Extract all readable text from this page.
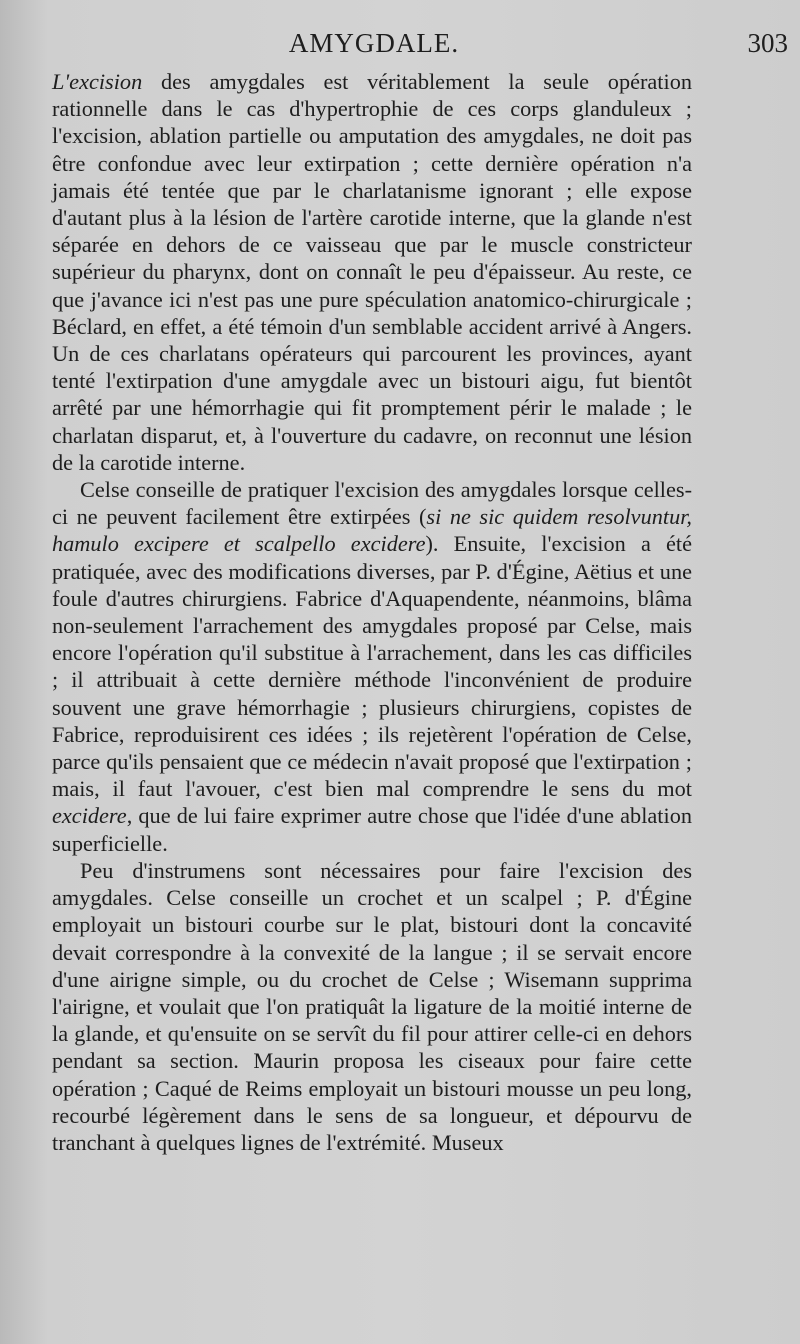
AMYGDALE.	303

L'excision des amygdales est véritablement la seule opération rationnelle dans le cas d'hypertrophie de ces corps glanduleux ; l'excision, ablation partielle ou amputation des amygdales, ne doit pas être confondue avec leur extirpation ; cette dernière opération n'a jamais été tentée que par le charlatanisme ignorant ; elle expose d'autant plus à la lésion de l'artère carotide interne, que la glande n'est séparée en dehors de ce vaisseau que par le muscle constricteur supérieur du pharynx, dont on connaît le peu d'épaisseur. Au reste, ce que j'avance ici n'est pas une pure spéculation anatomico-chirurgicale ; Béclard, en effet, a été témoin d'un semblable accident arrivé à Angers. Un de ces charlatans opérateurs qui parcourent les provinces, ayant tenté l'extirpation d'une amygdale avec un bistouri aigu, fut bientôt arrêté par une hémorrhagie qui fit promptement périr le malade ; le charlatan disparut, et, à l'ouverture du cadavre, on reconnut une lésion de la carotide interne.

Celse conseille de pratiquer l'excision des amygdales lorsque celles-ci ne peuvent facilement être extirpées (si ne sic quidem resolvuntur, hamulo excipere et scalpello excidere). Ensuite, l'excision a été pratiquée, avec des modifications diverses, par P. d'Égine, Aëtius et une foule d'autres chirurgiens. Fabrice d'Aquapendente, néanmoins, blâma non-seulement l'arrachement des amygdales proposé par Celse, mais encore l'opération qu'il substitue à l'arrachement, dans les cas difficiles ; il attribuait à cette dernière méthode l'inconvénient de produire souvent une grave hémorrhagie ; plusieurs chirurgiens, copistes de Fabrice, reproduisirent ces idées ; ils rejetèrent l'opération de Celse, parce qu'ils pensaient que ce médecin n'avait proposé que l'extirpation ; mais, il faut l'avouer, c'est bien mal comprendre le sens du mot excidere, que de lui faire exprimer autre chose que l'idée d'une ablation superficielle.

Peu d'instrumens sont nécessaires pour faire l'excision des amygdales. Celse conseille un crochet et un scalpel ; P. d'Égine employait un bistouri courbe sur le plat, bistouri dont la concavité devait correspondre à la convexité de la langue ; il se servait encore d'une airigne simple, ou du crochet de Celse ; Wisemann supprima l'airigne, et voulait que l'on pratiquât la ligature de la moitié interne de la glande, et qu'ensuite on se servît du fil pour attirer celle-ci en dehors pendant sa section. Maurin proposa les ciseaux pour faire cette opération ; Caqué de Reims employait un bistouri mousse un peu long, recourbé légèrement dans le sens de sa longueur, et dépourvu de tranchant à quelques lignes de l'extrémité. Museux
